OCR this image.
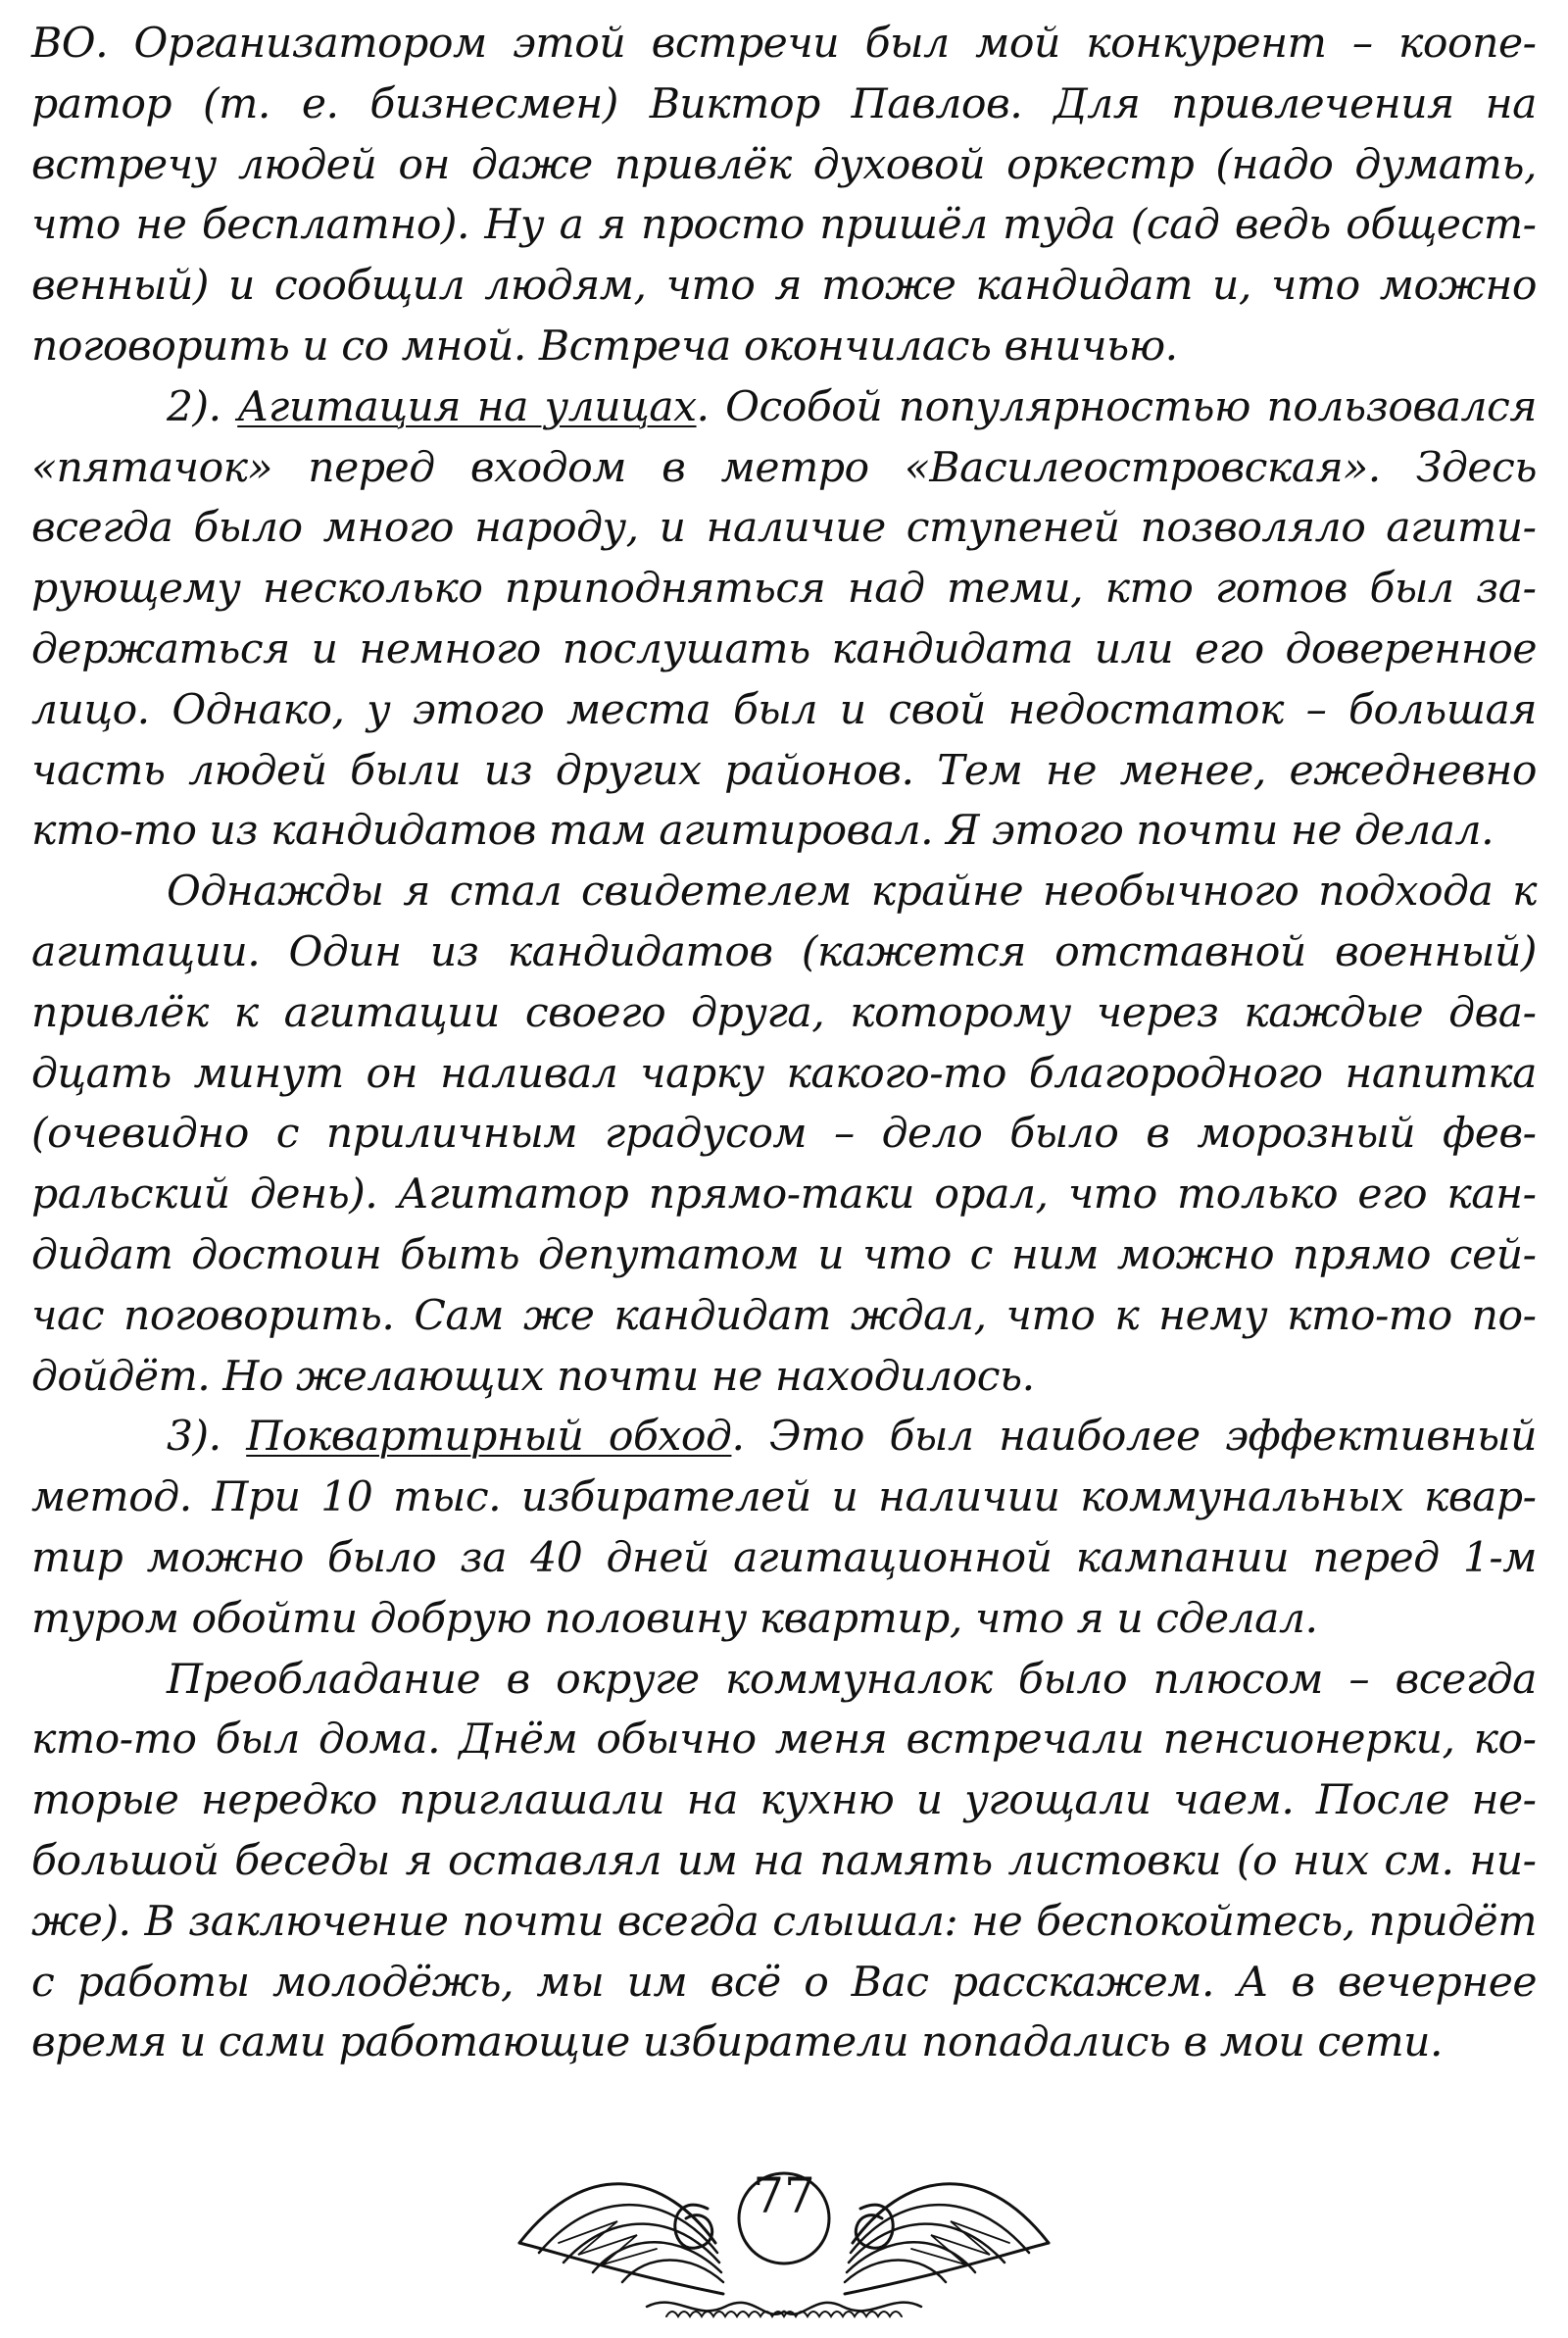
ВО. Организатором этой встречи был мой конкурент – кооператор (т. е. бизнесмен) Виктор Павлов. Для привлечения на встречу людей он даже привлёк духовой оркестр (надо думать, что не бесплатно). Ну а я просто пришёл туда (сад ведь общественный) и сообщил людям, что я тоже кандидат и, что можно поговорить и со мной. Встреча окончилась вничью.

2). Агитация на улицах. Особой популярностью пользовался «пятачок» перед входом в метро «Василеостровская». Здесь всегда было много народу, и наличие ступеней позволяло агитирующему несколько приподняться над теми, кто готов был задержаться и немного послушать кандидата или его доверенное лицо. Однако, у этого места был и свой недостаток – большая часть людей были из других районов. Тем не менее, ежедневно кто-то из кандидатов там агитировал. Я этого почти не делал.

Однажды я стал свидетелем крайне необычного подхода к агитации. Один из кандидатов (кажется отставной военный) привлёк к агитации своего друга, которому через каждые двадцать минут он наливал чарку какого-то благородного напитка (очевидно с приличным градусом – дело было в морозный февральский день). Агитатор прямо-таки орал, что только его кандидат достоин быть депутатом и что с ним можно прямо сейчас поговорить. Сам же кандидат ждал, что к нему кто-то подойдёт. Но желающих почти не находилось.

3). Поквартирный обход. Это был наиболее эффективный метод. При 10 тыс. избирателей и наличии коммунальных квартир можно было за 40 дней агитационной кампании перед 1-м туром обойти добрую половину квартир, что я и сделал.

Преобладание в округе коммуналок было плюсом – всегда кто-то был дома. Днём обычно меня встречали пенсионерки, которые нередко приглашали на кухню и угощали чаем. После небольшой беседы я оставлял им на память листовки (о них см. ниже). В заключение почти всегда слышал: не беспокойтесь, придёт с работы молодёжь, мы им всё о Вас расскажем. А в вечернее время и сами работающие избиратели попадались в мои сети.

77
